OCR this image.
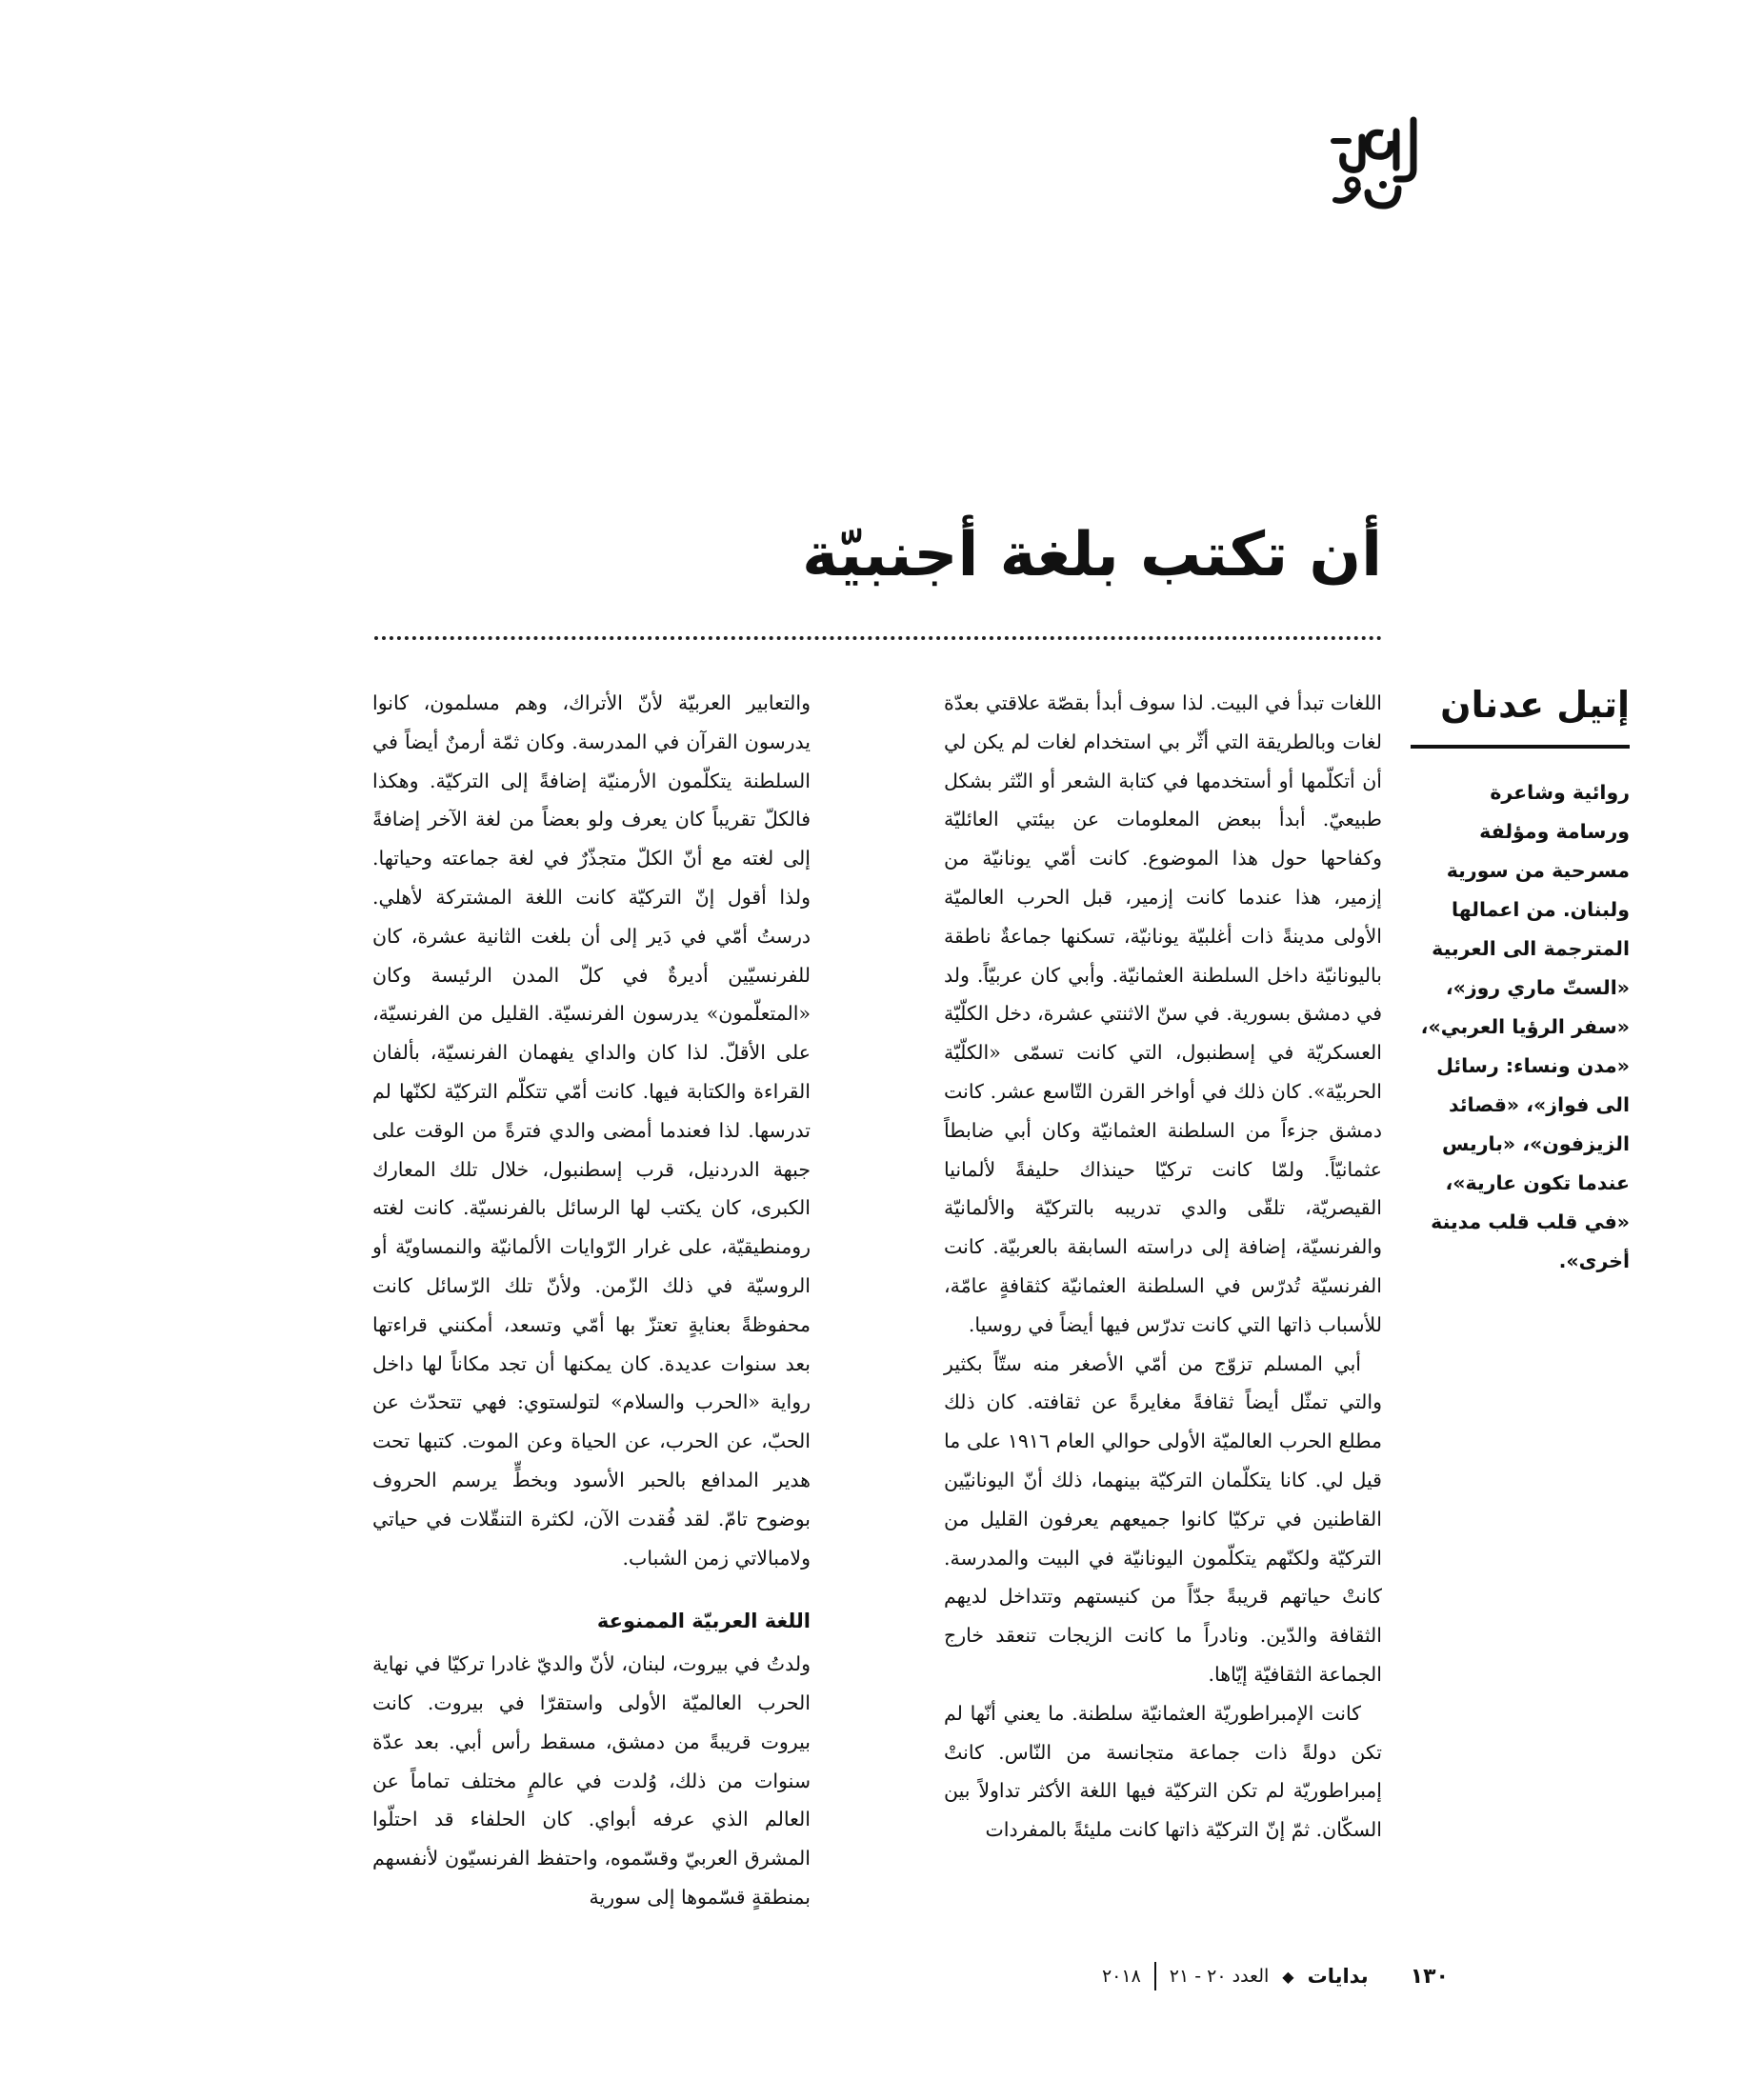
أن تكتب بلغة أجنبيّة
إتيل عدنان

روائية وشاعرة ورسامة ومؤلفة مسرحية من سورية ولبنان. من اعمالها المترجمة الى العربية «الستّ ماري روز»، «سفر الرؤيا العربي»، «مدن ونساء: رسائل الى فواز»، «قصائد الزيزفون»، «باريس عندما تكون عارية»، «في قلب قلب مدينة أخرى».

اللغات تبدأ في البيت. لذا سوف أبدأ بقصّة علاقتي بعدّة لغات وبالطريقة التي أثّر بي استخدام لغات لم يكن لي أن أتكلّمها أو أستخدمها في كتابة الشعر أو النّثر بشكل طبيعيّ. أبدأ ببعض المعلومات عن بيئتي العائليّة وكفاحها حول هذا الموضوع. كانت أمّي يونانيّة من إزمير، هذا عندما كانت إزمير، قبل الحرب العالميّة الأولى مدينةً ذات أغلبيّة يونانيّة، تسكنها جماعةٌ ناطقة باليونانيّة داخل السلطنة العثمانيّة. وأبي كان عربيّاً. ولد في دمشق بسورية. في سنّ الاثنتي عشرة، دخل الكلّيّة العسكريّة في إسطنبول، التي كانت تسمّى «الكلّيّة الحربيّة». كان ذلك في أواخر القرن التّاسع عشر. كانت دمشق جزءاً من السلطنة العثمانيّة وكان أبي ضابطاً عثمانيّاً. ولمّا كانت تركيّا حينذاك حليفةً لألمانيا القيصريّة، تلقّى والدي تدريبه بالتركيّة والألمانيّة والفرنسيّة، إضافة إلى دراسته السابقة بالعربيّة. كانت الفرنسيّة تُدرّس في السلطنة العثمانيّة كثقافةٍ عامّة، للأسباب ذاتها التي كانت تدرّس فيها أيضاً في روسيا.

أبي المسلم تزوّج من أمّي الأصغر منه ستّاً بكثير والتي تمثّل أيضاً ثقافةً مغايرةً عن ثقافته. كان ذلك مطلع الحرب العالميّة الأولى حوالي العام ١٩١٦ على ما قيل لي. كانا يتكلّمان التركيّة بينهما، ذلك أنّ اليونانيّين القاطنين في تركيّا كانوا جميعهم يعرفون القليل من التركيّة ولكنّهم يتكلّمون اليونانيّة في البيت والمدرسة. كانتْ حياتهم قريبةً جدّاً من كنيستهم وتتداخل لديهم الثقافة والدّين. ونادراً ما كانت الزيجات تنعقد خارج الجماعة الثقافيّة إيّاها.

كانت الإمبراطوريّة العثمانيّة سلطنة. ما يعني أنّها لم تكن دولةً ذات جماعة متجانسة من النّاس. كانتْ إمبراطوريّة لم تكن التركيّة فيها اللغة الأكثر تداولاً بين السكّان. ثمّ إنّ التركيّة ذاتها كانت مليئةً بالمفردات

والتعابير العربيّة لأنّ الأتراك، وهم مسلمون، كانوا يدرسون القرآن في المدرسة. وكان ثمّة أرمنٌ أيضاً في السلطنة يتكلّمون الأرمنيّة إضافةً إلى التركيّة. وهكذا فالكلّ تقريباً كان يعرف ولو بعضاً من لغة الآخر إضافةً إلى لغته مع أنّ الكلّ متجذّرٌ في لغة جماعته وحياتها. ولذا أقول إنّ التركيّة كانت اللغة المشتركة لأهلي. درستُ أمّي في دَير إلى أن بلغت الثانية عشرة، كان للفرنسيّين أديرةٌ في كلّ المدن الرئيسة وكان «المتعلّمون» يدرسون الفرنسيّة. القليل من الفرنسيّة، على الأقلّ. لذا كان والداي يفهمان الفرنسيّة، بألفان القراءة والكتابة فيها. كانت أمّي تتكلّم التركيّة لكنّها لم تدرسها. لذا فعندما أمضى والدي فترةً من الوقت على جبهة الدردنيل، قرب إسطنبول، خلال تلك المعارك الكبرى، كان يكتب لها الرسائل بالفرنسيّة. كانت لغته رومنطيقيّة، على غرار الرّوايات الألمانيّة والنمساويّة أو الروسيّة في ذلك الزّمن. ولأنّ تلك الرّسائل كانت محفوظةً بعنايةٍ تعتزّ بها أمّي وتسعد، أمكنني قراءتها بعد سنوات عديدة. كان يمكنها أن تجد مكاناً لها داخل رواية «الحرب والسلام» لتولستوي: فهي تتحدّث عن الحبّ، عن الحرب، عن الحياة وعن الموت. كتبها تحت هدير المدافع بالحبر الأسود وبخطٍّ يرسم الحروف بوضوح تامّ. لقد فُقدت الآن، لكثرة التنقّلات في حياتي ولامبالاتي زمن الشباب.

اللغة العربيّة الممنوعة

ولدتُ في بيروت، لبنان، لأنّ والديّ غادرا تركيّا في نهاية الحرب العالميّة الأولى واستقرّا في بيروت. كانت بيروت قريبةً من دمشق، مسقط رأس أبي. بعد عدّة سنوات من ذلك، وُلدت في عالمٍ مختلف تماماً عن العالم الذي عرفه أبواي. كان الحلفاء قد احتلّوا المشرق العربيّ وقسّموه، واحتفظ الفرنسيّون لأنفسهم بمنطقةٍ قسّموها إلى سورية

١٣٠
بدايات
◆
العدد ٢٠ - ٢١
٢٠١٨
